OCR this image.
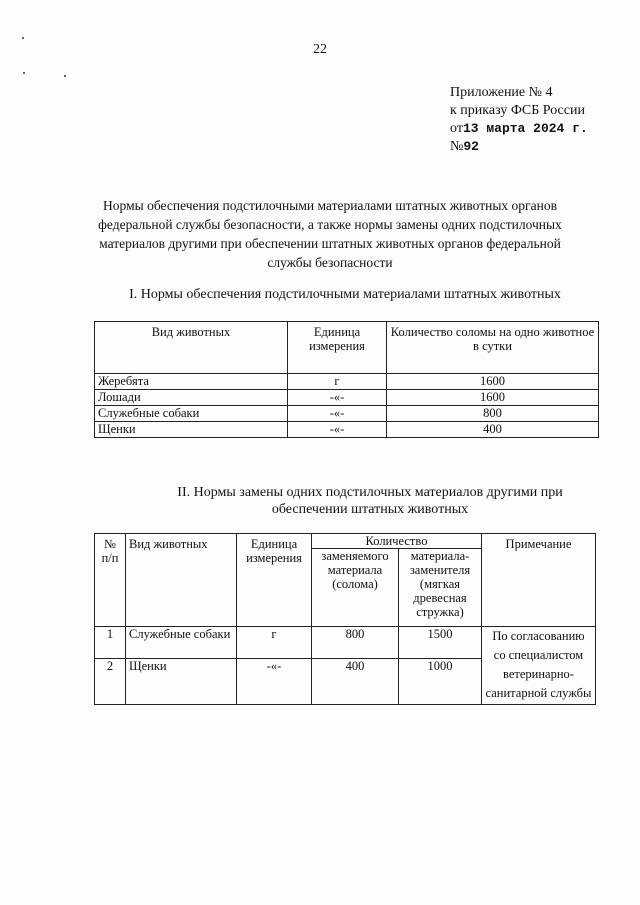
22
Приложение № 4
к приказу ФСБ России
от13 марта 2024 г.
№92
Нормы обеспечения подстилочными материалами штатных животных органов федеральной службы безопасности, а также нормы замены одних подстилочных материалов другими при обеспечении штатных животных органов федеральной службы безопасности
I. Нормы обеспечения подстилочными материалами штатных животных
Вид животных	Единица измерения	Количество соломы на одно животное в сутки
Жеребята	г	1600
Лошади	-«-	1600
Служебные собаки	-«-	800
Щенки	-«-	400
II. Нормы замены одних подстилочных материалов другими при обеспечении штатных животных
№ п/п	Вид животных	Единица измерения	Количество		Примечание
			заменяемого материала (солома)	материала-заменителя (мягкая древесная стружка)	
1	Служебные собаки	г	800	1500	По согласованию со специалистом ветеринарно-санитарной службы
2	Щенки	-«-	400	1000	
